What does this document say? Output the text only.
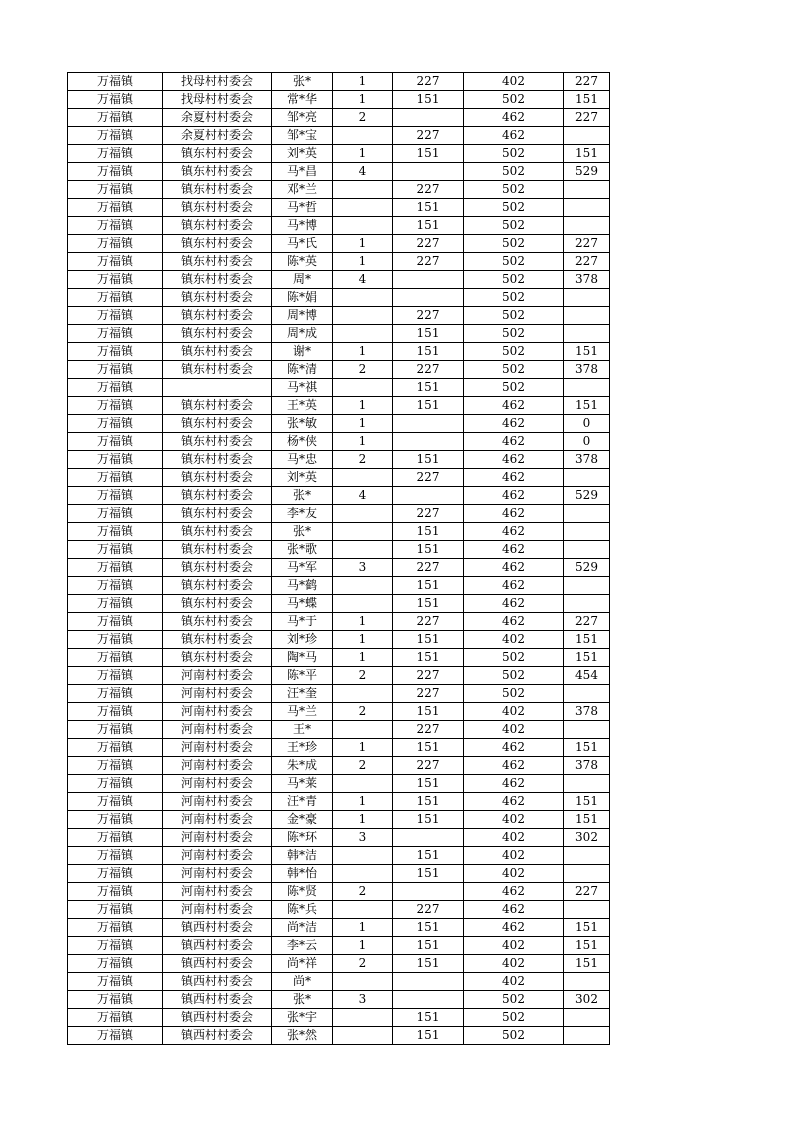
万福镇	找母村村委会	张*	1	227	402	227
万福镇	找母村村委会	常*华	1	151	502	151
万福镇	余夏村村委会	邹*亮	2		462	227
万福镇	余夏村村委会	邹*宝		227	462	
万福镇	镇东村村委会	刘*英	1	151	502	151
万福镇	镇东村村委会	马*昌	4		502	529
万福镇	镇东村村委会	邓*兰		227	502	
万福镇	镇东村村委会	马*哲		151	502	
万福镇	镇东村村委会	马*博		151	502	
万福镇	镇东村村委会	马*氏	1	227	502	227
万福镇	镇东村村委会	陈*英	1	227	502	227
万福镇	镇东村村委会	周*	4		502	378
万福镇	镇东村村委会	陈*娟			502	
万福镇	镇东村村委会	周*博		227	502	
万福镇	镇东村村委会	周*成		151	502	
万福镇	镇东村村委会	谢*	1	151	502	151
万福镇	镇东村村委会	陈*清	2	227	502	378
万福镇		马*祺		151	502	
万福镇	镇东村村委会	王*英	1	151	462	151
万福镇	镇东村村委会	张*敏	1		462	0
万福镇	镇东村村委会	杨*侠	1		462	0
万福镇	镇东村村委会	马*忠	2	151	462	378
万福镇	镇东村村委会	刘*英		227	462	
万福镇	镇东村村委会	张*	4		462	529
万福镇	镇东村村委会	李*友		227	462	
万福镇	镇东村村委会	张*		151	462	
万福镇	镇东村村委会	张*歌		151	462	
万福镇	镇东村村委会	马*军	3	227	462	529
万福镇	镇东村村委会	马*鹤		151	462	
万福镇	镇东村村委会	马*蝶		151	462	
万福镇	镇东村村委会	马*于	1	227	462	227
万福镇	镇东村村委会	刘*珍	1	151	402	151
万福镇	镇东村村委会	陶*马	1	151	502	151
万福镇	河南村村委会	陈*平	2	227	502	454
万福镇	河南村村委会	汪*奎		227	502	
万福镇	河南村村委会	马*兰	2	151	402	378
万福镇	河南村村委会	王*		227	402	
万福镇	河南村村委会	王*珍	1	151	462	151
万福镇	河南村村委会	朱*成	2	227	462	378
万福镇	河南村村委会	马*莱		151	462	
万福镇	河南村村委会	汪*青	1	151	462	151
万福镇	河南村村委会	金*豪	1	151	402	151
万福镇	河南村村委会	陈*环	3		402	302
万福镇	河南村村委会	韩*洁		151	402	
万福镇	河南村村委会	韩*怡		151	402	
万福镇	河南村村委会	陈*贤	2		462	227
万福镇	河南村村委会	陈*兵		227	462	
万福镇	镇西村村委会	尚*洁	1	151	462	151
万福镇	镇西村村委会	李*云	1	151	402	151
万福镇	镇西村村委会	尚*祥	2	151	402	151
万福镇	镇西村村委会	尚*			402	
万福镇	镇西村村委会	张*	3		502	302
万福镇	镇西村村委会	张*宇		151	502	
万福镇	镇西村村委会	张*然		151	502	
